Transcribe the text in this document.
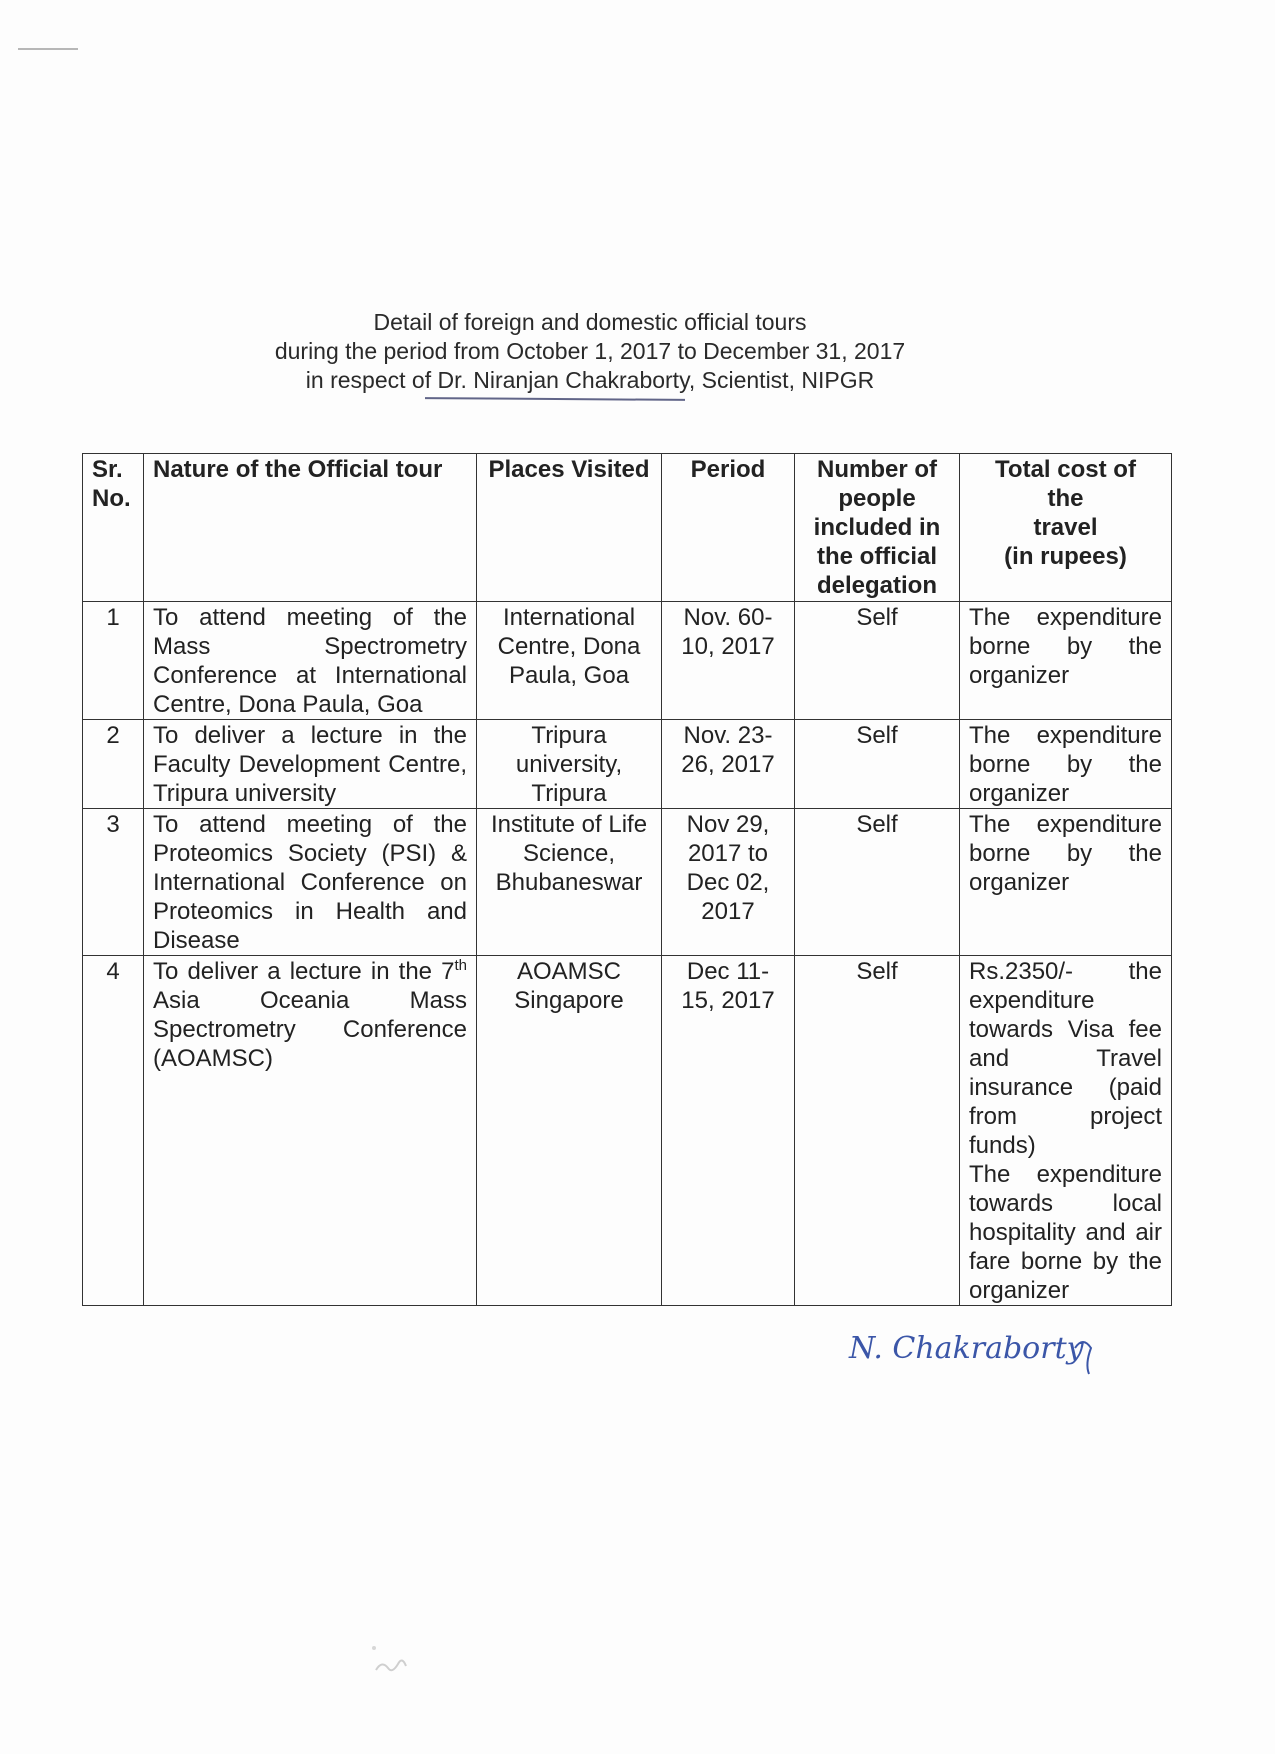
Detail of foreign and domestic official tours
during the period from October 1, 2017 to December 31, 2017
in respect of Dr. Niranjan Chakraborty, Scientist, NIPGR
Sr. No.	Nature of the Official tour	Places Visited	Period	Number of people included in the official delegation	Total cost of
the
travel
(in rupees)

1	To attend meeting of the Mass Spectrometry Conference at International Centre, Dona Paula, Goa	International Centre, Dona Paula, Goa	Nov. 60-10, 2017	Self	The expenditure borne by the organizer
2	To deliver a lecture in the Faculty Development Centre, Tripura university	Tripura university, Tripura	Nov. 23-26, 2017	Self	The expenditure borne by the organizer
3	To attend meeting of the Proteomics Society (PSI) & International Conference on Proteomics in Health and Disease	Institute of Life Science, Bhubaneswar	Nov 29, 2017 to Dec 02, 2017	Self	The expenditure borne by the organizer
4	To deliver a lecture in the 7th Asia Oceania Mass Spectrometry Conference (AOAMSC)	AOAMSC Singapore	Dec 11-15, 2017	Self	Rs.2350/- the expenditure towards Visa fee and Travel insurance (paid from project funds)
The expenditure towards local hospitality and air fare borne by the organizer
N. Chakraborty
